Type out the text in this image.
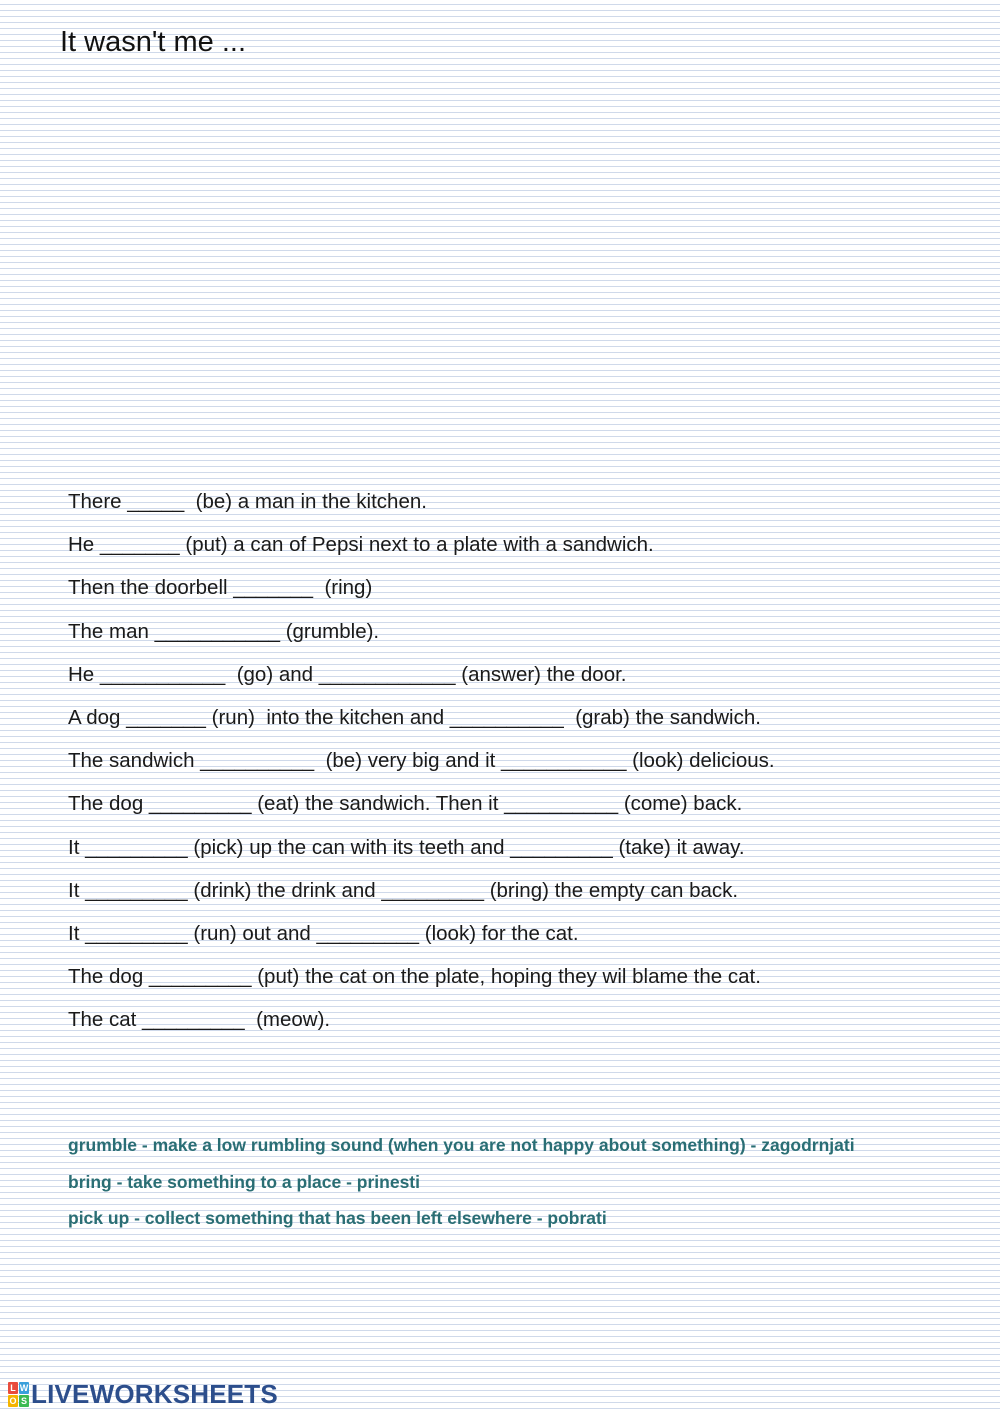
It wasn't me ...
There _____  (be) a man in the kitchen.
He _______ (put) a can of Pepsi next to a plate with a sandwich.
Then the doorbell _______  (ring)
The man ___________ (grumble).
He ___________  (go) and ____________ (answer) the door.
A dog _______ (run)  into the kitchen and __________  (grab) the sandwich.
The sandwich __________  (be) very big and it ___________ (look) delicious.
The dog _________ (eat) the sandwich. Then it __________ (come) back.
It _________ (pick) up the can with its teeth and _________ (take) it away.
It _________ (drink) the drink and _________ (bring) the empty can back.
It _________ (run) out and _________ (look) for the cat.
The dog _________ (put) the cat on the plate, hoping they wil blame the cat.
The cat _________  (meow).
grumble - make a low rumbling sound (when you are not happy about something) - zagodrnjati
bring - take something to a place - prinesti
pick up - collect something that has been left elsewhere - pobrati
L W
O S LIVEWORKSHEETS
